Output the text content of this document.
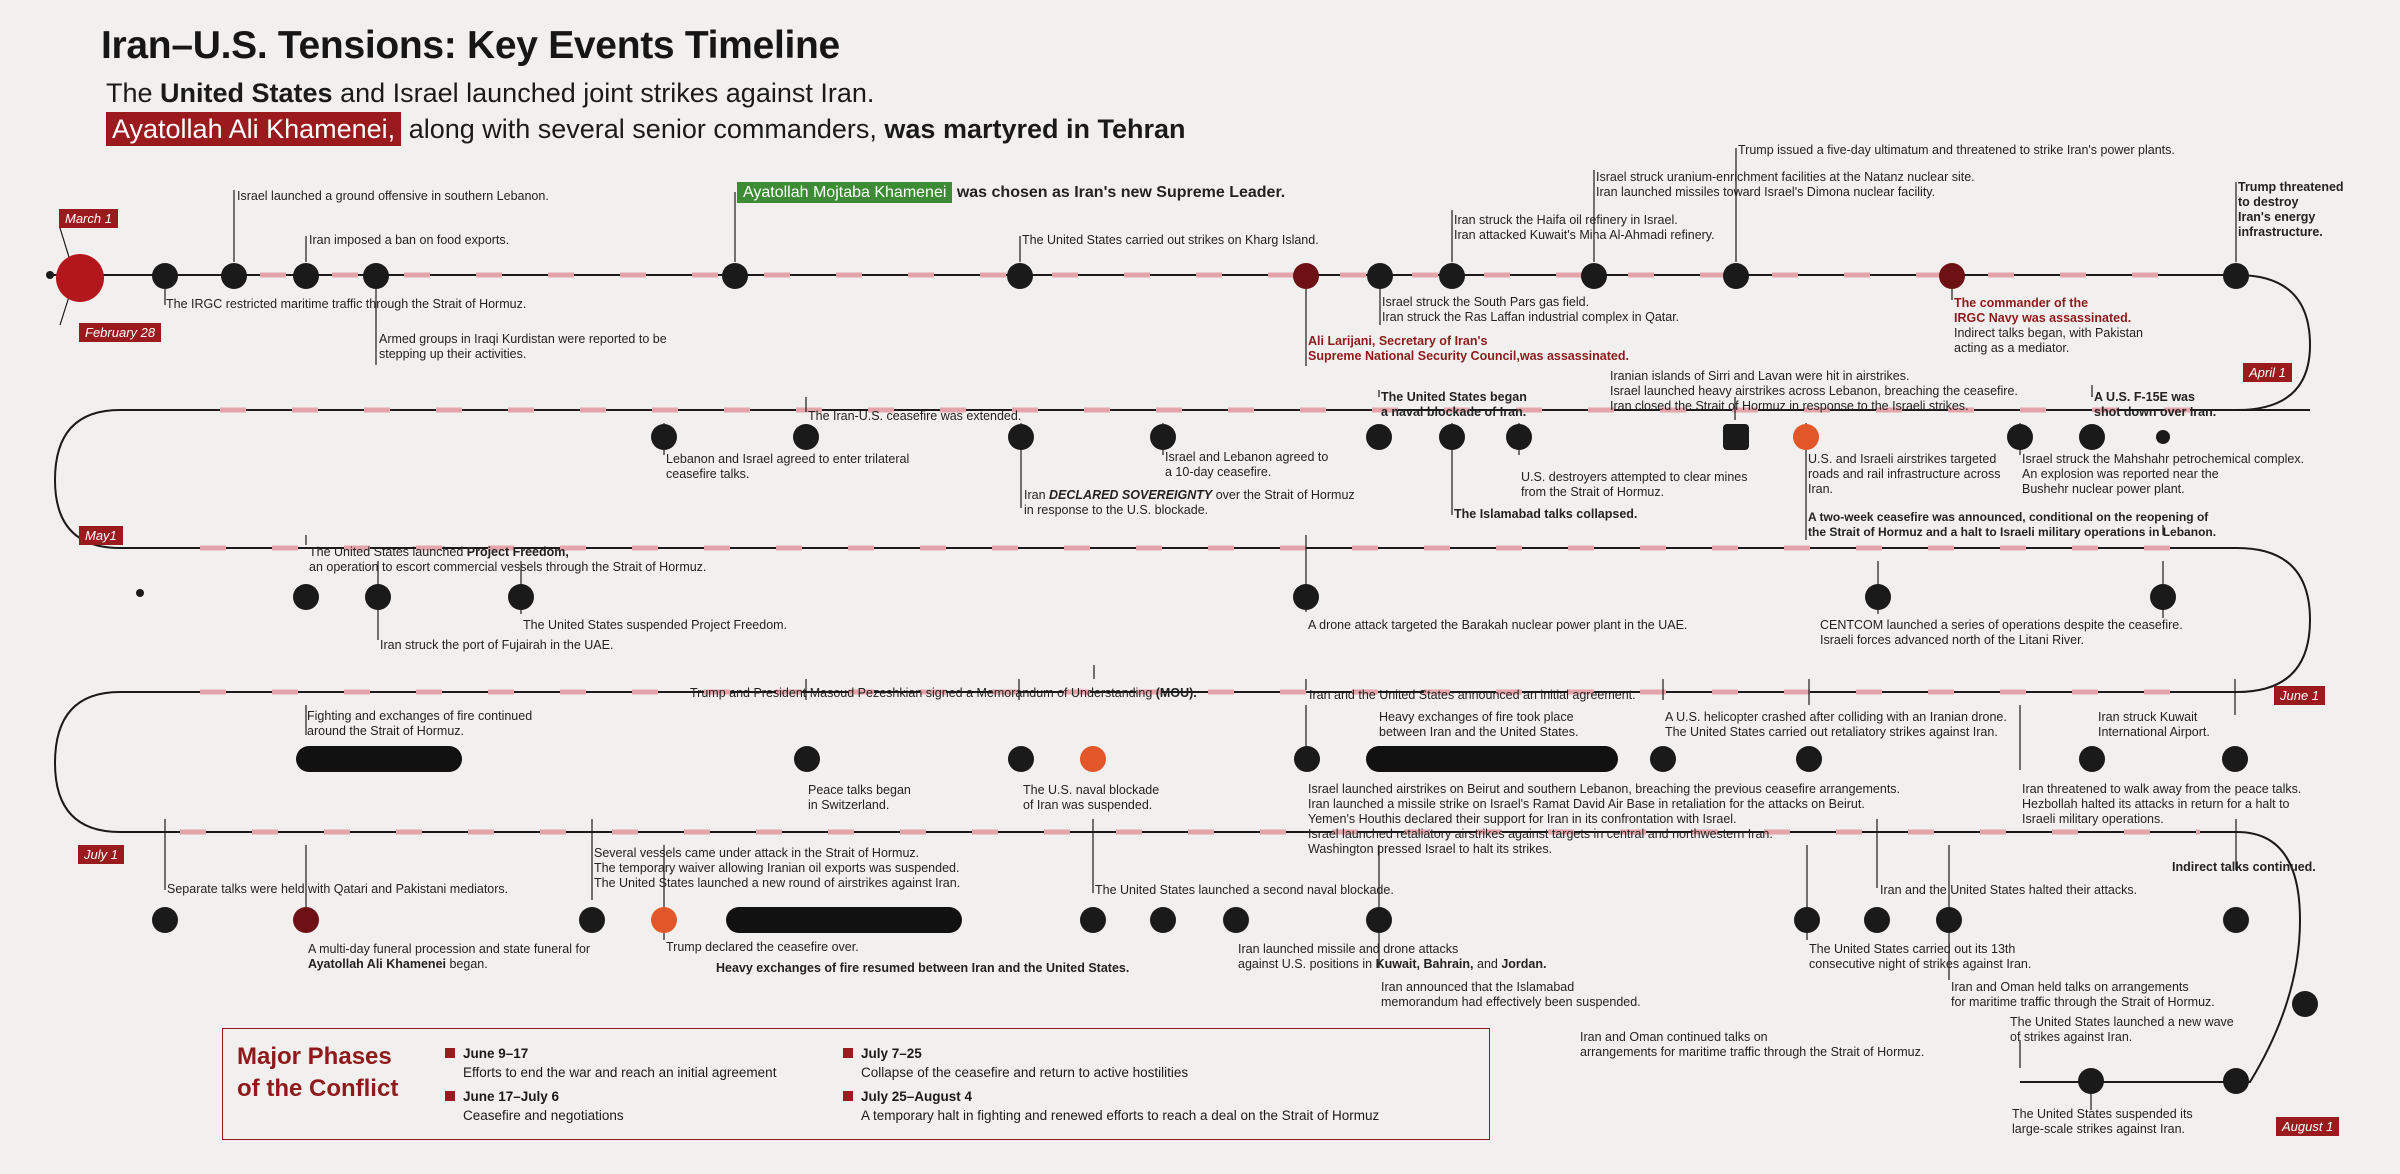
Iran–U.S. Tensions: Key Events Timeline
The United States and Israel launched joint strikes against Iran.
Ayatollah Ali Khamenei, along with several senior commanders, was martyred in Tehran
March 1
February 28
April 1
May1
June 1
July 1
August 1
Israel launched a ground offensive in southern Lebanon.
The IRGC restricted maritime traffic through the Strait of Hormuz.
Iran imposed a ban on food exports.
Armed groups in Iraqi Kurdistan were reported to be
stepping up their activities.
Ayatollah Mojtaba Khamenei was chosen as Iran's new Supreme Leader.
The United States carried out strikes on Kharg Island.
Ali Larijani, Secretary of Iran's
Supreme National Security Council,was assassinated.
Israel struck the South Pars gas field.
Iran struck the Ras Laffan industrial complex in Qatar.
Iran struck the Haifa oil refinery in Israel.
Iran attacked Kuwait's Mina Al-Ahmadi refinery.
Israel struck uranium-enrichment facilities at the Natanz nuclear site.
Iran launched missiles toward Israel's Dimona nuclear facility.
Trump issued a five-day ultimatum and threatened to strike Iran's power plants.
The commander of the
IRGC Navy was assassinated.
Indirect talks began, with Pakistan
acting as a mediator.
Trump threatened
to destroy
Iran's energy
infrastructure.
A U.S. F-15E was
shot down over Iran.
Israel struck the Mahshahr petrochemical complex.
An explosion was reported near the
Bushehr nuclear power plant.
U.S. and Israeli airstrikes targeted
roads and rail infrastructure across
Iran.
A two-week ceasefire was announced, conditional on the reopening of
the Strait of Hormuz and a halt to Israeli military operations in Lebanon.
Iranian islands of Sirri and Lavan were hit in airstrikes.
Israel launched heavy airstrikes across Lebanon, breaching the ceasefire.
Iran closed the Strait of Hormuz in response to the Israeli strikes.
U.S. destroyers attempted to clear mines
from the Strait of Hormuz.
The United States began
a naval blockade of Iran.
The Islamabad talks collapsed.
Israel and Lebanon agreed to
a 10-day ceasefire.
The Iran-U.S. ceasefire was extended.
Iran DECLARED SOVEREIGNTY over the Strait of Hormuz
in response to the U.S. blockade.
Lebanon and Israel agreed to enter trilateral
ceasefire talks.
The United States launched Project Freedom,
an operation to escort commercial vessels through the Strait of Hormuz.
Iran struck the port of Fujairah in the UAE.
The United States suspended Project Freedom.	A drone attack targeted the Barakah nuclear power plant in the UAE.	CENTCOM launched a series of operations despite the ceasefire.
Israeli forces advanced north of the Litani River.
Fighting and exchanges of fire continued
around the Strait of Hormuz.
Trump and President Masoud Pezeshkian signed a Memorandum of Understanding (MOU).
Peace talks began
in Switzerland.
The U.S. naval blockade
of Iran was suspended.
Iran and the United States announced an initial agreement.
Heavy exchanges of fire took place
between Iran and the United States.
A U.S. helicopter crashed after colliding with an Iranian drone.
The United States carried out retaliatory strikes against Iran.
Iran struck Kuwait
International Airport.
Israel launched airstrikes on Beirut and southern Lebanon, breaching the previous ceasefire arrangements.
Iran launched a missile strike on Israel's Ramat David Air Base in retaliation for the attacks on Beirut.
Yemen's Houthis declared their support for Iran in its confrontation with Israel.
Israel launched retaliatory airstrikes against targets in central and northwestern Iran.
Washington pressed Israel to halt its strikes.
Iran threatened to walk away from the peace talks.
Hezbollah halted its attacks in return for a halt to
Israeli military operations.
Separate talks were held with Qatari and Pakistani mediators.
A multi-day funeral procession and state funeral for
Ayatollah Ali Khamenei began.
Several vessels came under attack in the Strait of Hormuz.
The temporary waiver allowing Iranian oil exports was suspended.
The United States launched a new round of airstrikes against Iran.
Trump declared the ceasefire over.
Heavy exchanges of fire resumed between Iran and the United States.
The United States launched a second naval blockade.
Iran launched missile and drone attacks
against U.S. positions in Kuwait, Bahrain, and Jordan.
Iran announced that the Islamabad
memorandum had effectively been suspended.
Iran and Oman continued talks on
arrangements for maritime traffic through the Strait of Hormuz.
Iran and the United States halted their attacks.
The United States carried out its 13th
consecutive night of strikes against Iran.
Iran and Oman held talks on arrangements
for maritime traffic through the Strait of Hormuz.
Indirect talks continued.
The United States launched a new wave
of strikes against Iran.
The United States suspended its
large-scale strikes against Iran.
Major Phases
of the Conflict
June 9–17
Efforts to end the war and reach an initial agreement
June 17–July 6
Ceasefire and negotiations
July 7–25
Collapse of the ceasefire and return to active hostilities
July 25–August 4
A temporary halt in fighting and renewed efforts to reach a deal on the Strait of Hormuz
